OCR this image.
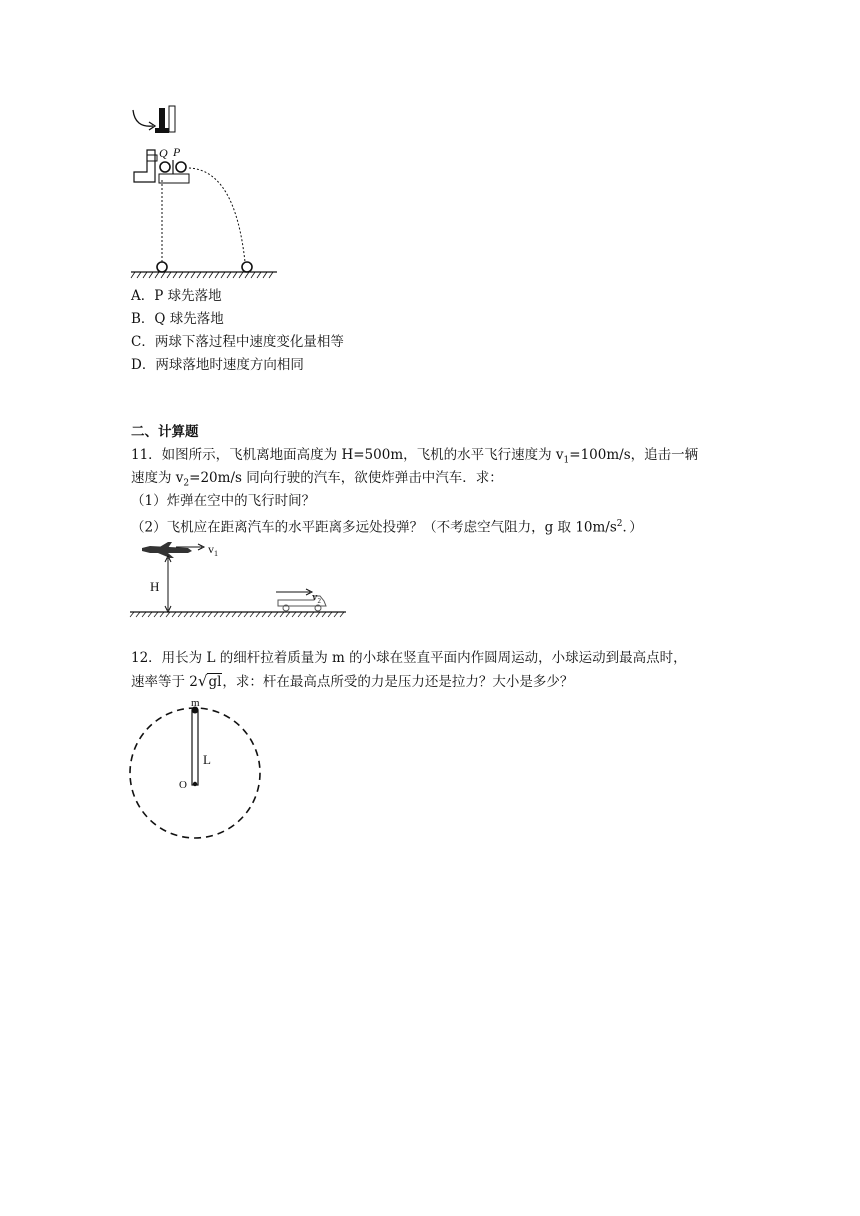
Q P
A．P 球先落地
B．Q 球先落地
C．两球下落过程中速度变化量相等
D．两球落地时速度方向相同
二、计算题
11．如图所示，飞机离地面高度为 H=500m，飞机的水平飞行速度为 $v_1=100m/s$，追击一辆
速度为 $v_2=20m/s$ 同向行驶的汽车，欲使炸弹击中汽车．求：
（1）炸弹在空中的飞行时间？
（2）飞机应在距离汽车的水平距离多远处投弹？（不考虑空气阻力，g 取 $10m/s^2$．）
$v_1$
H
$v_2$
12．用长为 L 的细杆拉着质量为 m 的小球在竖直平面内作圆周运动，小球运动到最高点时，
速率等于 2√gl，求：杆在最高点所受的力是压力还是拉力？大小是多少？
m
L
O
